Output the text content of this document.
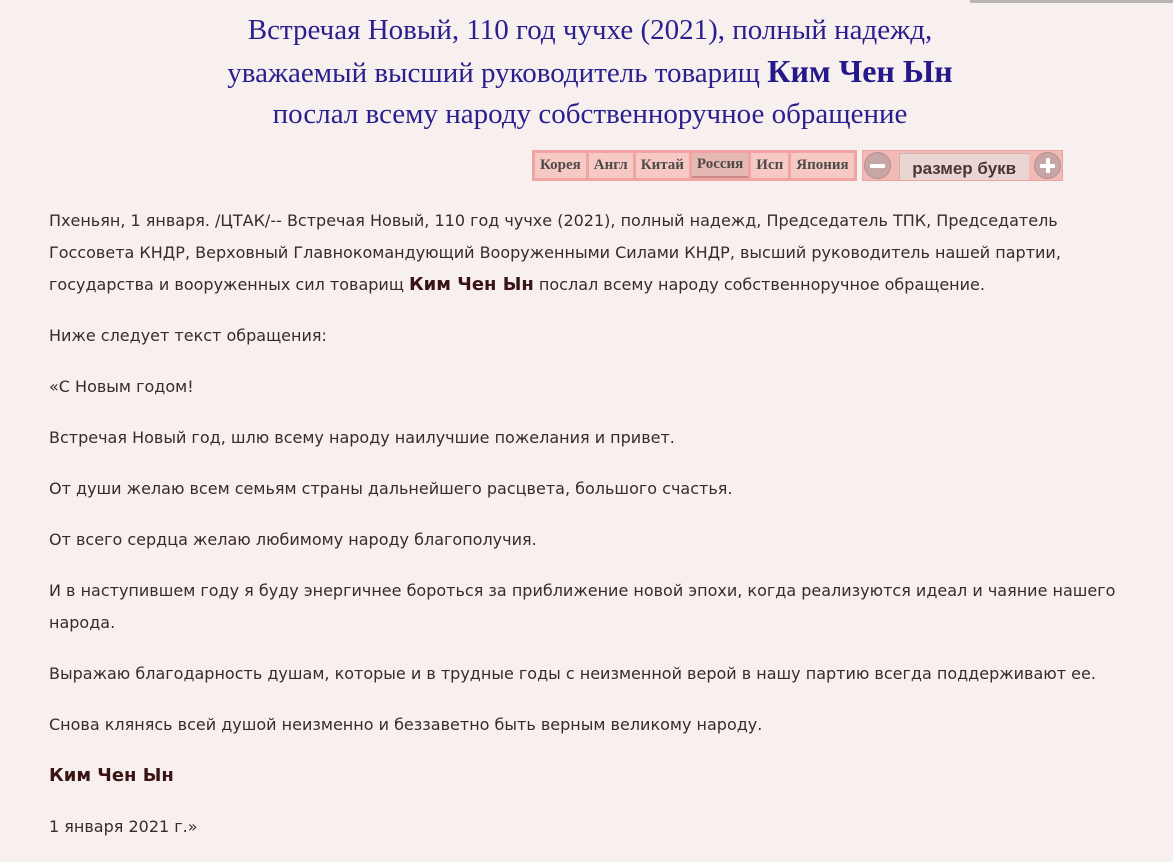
Встречая Новый, 110 год чучхе (2021), полный надежд,
уважаемый высший руководитель товарищ Ким Чен Ын
послал всему народу собственноручное обращение
Корея Англ Китай Россия Исп Япония	размер букв

Пхеньян, 1 января. /ЦТАК/-- Встречая Новый, 110 год чучхе (2021), полный надежд, Председатель ТПК, Председатель Госсовета КНДР, Верховный Главнокомандующий Вооруженными Силами КНДР, высший руководитель нашей партии, государства и вооруженных сил товарищ Ким Чен Ын послал всему народу собственноручное обращение.

Ниже следует текст обращения:

«С Новым годом!

Встречая Новый год, шлю всему народу наилучшие пожелания и привет.

От души желаю всем семьям страны дальнейшего расцвета, большого счастья.

От всего сердца желаю любимому народу благополучия.

И в наступившем году я буду энергичнее бороться за приближение новой эпохи, когда реализуются идеал и чаяние нашего народа.

Выражаю благодарность душам, которые и в трудные годы с неизменной верой в нашу партию всегда поддерживают ее.

Снова клянясь всей душой неизменно и беззаветно быть верным великому народу.

Ким Чен Ын

1 января 2021 г.»
